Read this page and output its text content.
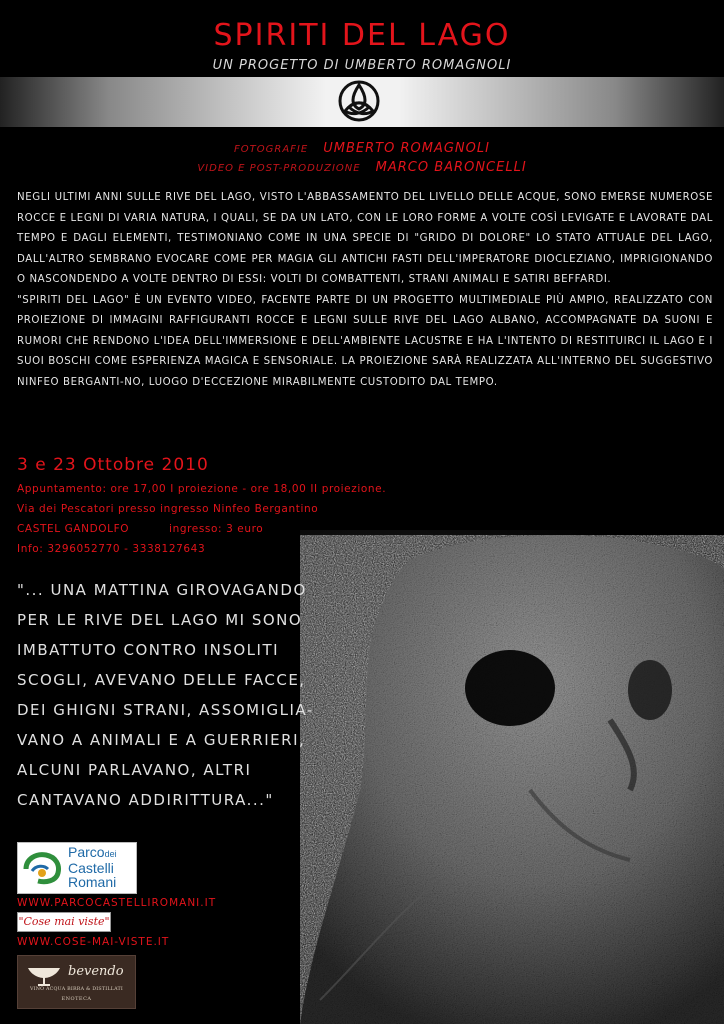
SPIRITI DEL LAGO
UN PROGETTO DI UMBERTO ROMAGNOLI
FOTOGRAFIE UMBERTO ROMAGNOLI
VIDEO E POST-PRODUZIONE MARCO BARONCELLI

NEGLI ULTIMI ANNI SULLE RIVE DEL LAGO, VISTO L'ABBASSAMENTO DEL LIVELLO DELLE ACQUE, SONO EMERSE NUMEROSE ROCCE E LEGNI DI VARIA NATURA, I QUALI, SE DA UN LATO, CON LE LORO FORME A VOLTE COSÌ LEVIGATE E LAVORATE DAL TEMPO E DAGLI ELEMENTI, TESTIMONIANO COME IN UNA SPECIE DI "GRIDO DI DOLORE" LO STATO ATTUALE DEL LAGO, DALL'ALTRO SEMBRANO EVOCARE COME PER MAGIA GLI ANTICHI FASTI DELL'IMPERATORE DIOCLEZIANO, IMPRIGIONANDO O NASCONDENDO A VOLTE DENTRO DI ESSI: VOLTI DI COMBATTENTI, STRANI ANIMALI E SATIRI BEFFARDI.

"SPIRITI DEL LAGO" È UN EVENTO VIDEO, FACENTE PARTE DI UN PROGETTO MULTIMEDIALE PIÙ AMPIO, REALIZZATO CON PROIEZIONE DI IMMAGINI RAFFIGURANTI ROCCE E LEGNI SULLE RIVE DEL LAGO ALBANO, ACCOMPAGNATE DA SUONI E RUMORI CHE RENDONO L'IDEA DELL'IMMERSIONE E DELL'AMBIENTE LACUSTRE E HA L'INTENTO DI RESTITUIRCI IL LAGO E I SUOI BOSCHI COME ESPERIENZA MAGICA E SENSORIALE. LA PROIEZIONE SARÀ REALIZZATA ALL'INTERNO DEL SUGGESTIVO NINFEO BERGANTI-NO, LUOGO D'ECCEZIONE MIRABILMENTE CUSTODITO DAL TEMPO.

3 e 23 Ottobre 2010
Appuntamento: ore 17,00 I proiezione - ore 18,00 II proiezione.
Via dei Pescatori presso ingresso Ninfeo Bergantino
CASTEL GANDOLFO	ingresso: 3 euro
Info: 3296052770 - 3338127643
"... UNA MATTINA GIROVAGANDO
PER LE RIVE DEL LAGO MI SONO
IMBATTUTO CONTRO INSOLITI
SCOGLI, AVEVANO DELLE FACCE,
DEI GHIGNI STRANI, ASSOMIGLIA-
VANO A ANIMALI E A GUERRIERI,
ALCUNI PARLAVANO, ALTRI
CANTAVANO ADDIRITTURA..."
Parcodei
Castelli
Romani
WWW.PARCOCASTELLIROMANI.IT
"Cose mai viste"
WWW.COSE-MAI-VISTE.IT
bevendo
VINO ACQUA BIRRA & DISTILLATI
ENOTECA
